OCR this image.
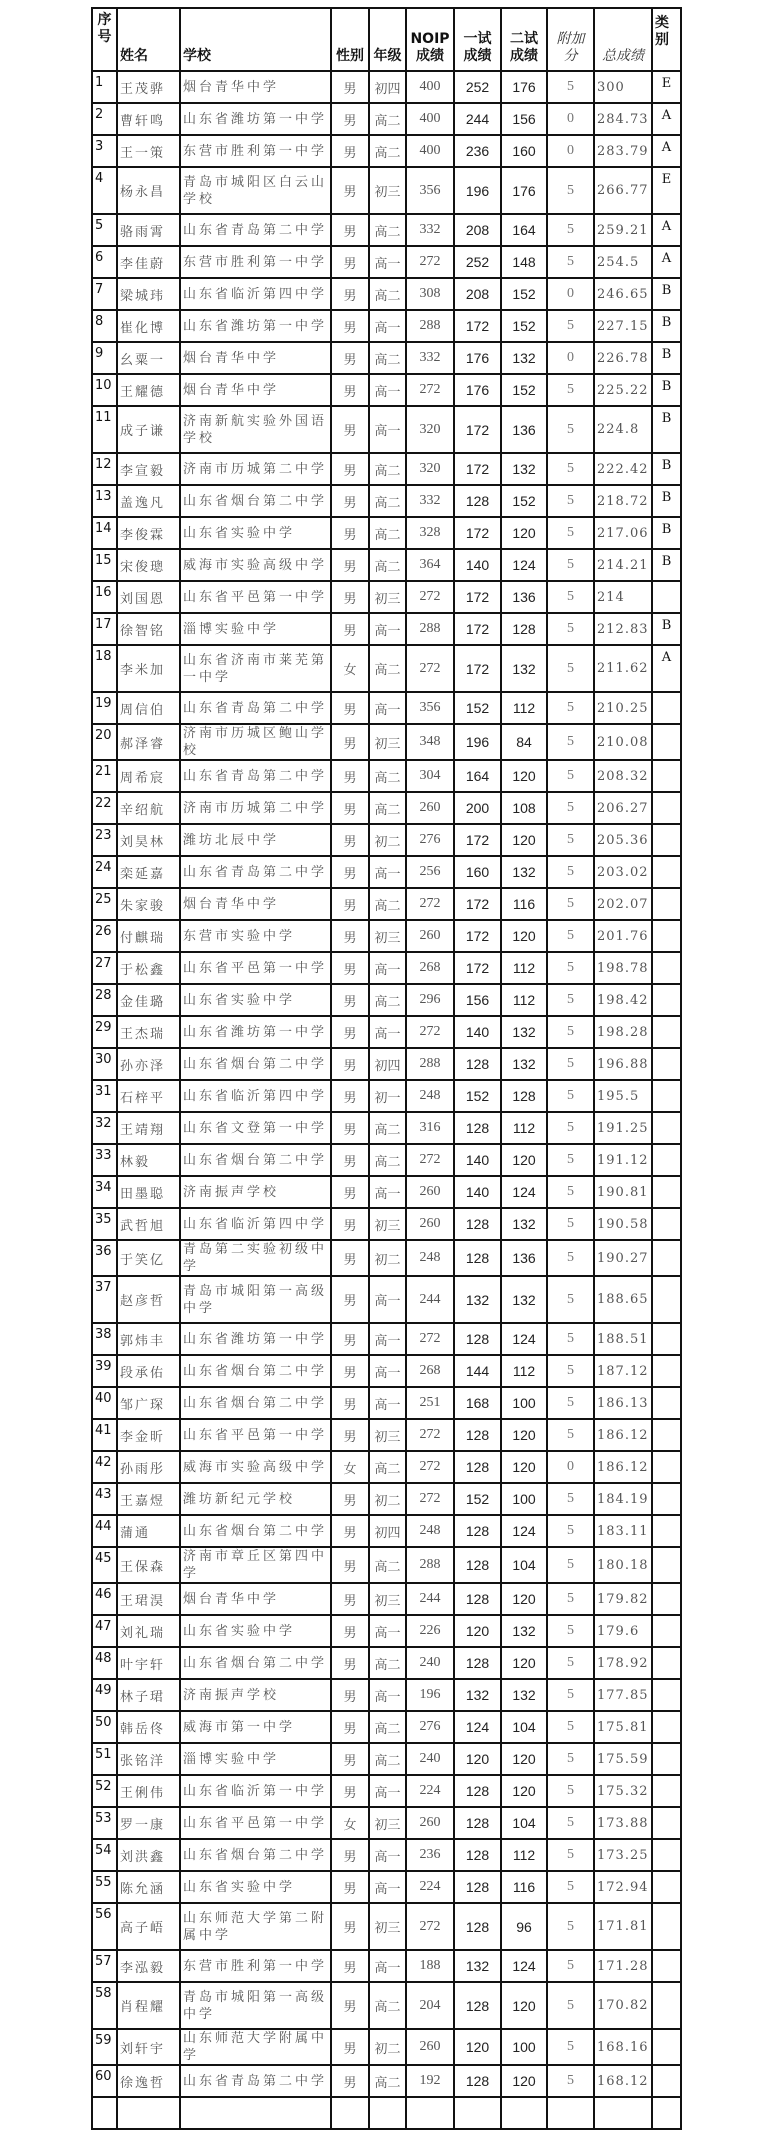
序号	姓名	学校	性别	年级	NOIP成绩	一试成绩	二试成绩	附加分	总成绩	类别
1	王茂骅	烟台青华中学	男	初四	400	252	176	5	300	E
2	曹轩鸣	山东省潍坊第一中学	男	高二	400	244	156	0	284.73	A
3	王一策	东营市胜利第一中学	男	高二	400	236	160	0	283.79	A
4	杨永昌	青岛市城阳区白云山学校	男	初三	356	196	176	5	266.77	E
5	骆雨霄	山东省青岛第二中学	男	高二	332	208	164	5	259.21	A
6	李佳蔚	东营市胜利第一中学	男	高一	272	252	148	5	254.5	A
7	梁城玮	山东省临沂第四中学	男	高二	308	208	152	0	246.65	B
8	崔化博	山东省潍坊第一中学	男	高一	288	172	152	5	227.15	B
9	幺粟一	烟台青华中学	男	高二	332	176	132	0	226.78	B
10	王耀德	烟台青华中学	男	高一	272	176	152	5	225.22	B
11	成子谦	济南新航实验外国语学校	男	高一	320	172	136	5	224.8	B
12	李宣毅	济南市历城第二中学	男	高二	320	172	132	5	222.42	B
13	盖逸凡	山东省烟台第二中学	男	高二	332	128	152	5	218.72	B
14	李俊霖	山东省实验中学	男	高二	328	172	120	5	217.06	B
15	宋俊璁	威海市实验高级中学	男	高二	364	140	124	5	214.21	B
16	刘国恩	山东省平邑第一中学	男	初三	272	172	136	5	214	
17	徐智铭	淄博实验中学	男	高一	288	172	128	5	212.83	B
18	李米加	山东省济南市莱芜第一中学	女	高二	272	172	132	5	211.62	A
19	周信伯	山东省青岛第二中学	男	高一	356	152	112	5	210.25	
20	郝泽睿	济南市历城区鲍山学校	男	初三	348	196	84	5	210.08	
21	周希宸	山东省青岛第二中学	男	高二	304	164	120	5	208.32	
22	辛绍航	济南市历城第二中学	男	高二	260	200	108	5	206.27	
23	刘昊林	潍坊北辰中学	男	初二	276	172	120	5	205.36	
24	栾延嘉	山东省青岛第二中学	男	高一	256	160	132	5	203.02	
25	朱家骏	烟台青华中学	男	高二	272	172	116	5	202.07	
26	付麒瑞	东营市实验中学	男	初三	260	172	120	5	201.76	
27	于松鑫	山东省平邑第一中学	男	高一	268	172	112	5	198.78	
28	金佳璐	山东省实验中学	男	高二	296	156	112	5	198.42	
29	王杰瑞	山东省潍坊第一中学	男	高一	272	140	132	5	198.28	
30	孙亦泽	山东省烟台第二中学	男	初四	288	128	132	5	196.88	
31	石梓平	山东省临沂第四中学	男	初一	248	152	128	5	195.5	
32	王靖翔	山东省文登第一中学	男	高二	316	128	112	5	191.25	
33	林毅	山东省烟台第二中学	男	高二	272	140	120	5	191.12	
34	田墨聪	济南振声学校	男	高一	260	140	124	5	190.81	
35	武哲旭	山东省临沂第四中学	男	初三	260	128	132	5	190.58	
36	于笑亿	青岛第二实验初级中学	男	初二	248	128	136	5	190.27	
37	赵彦哲	青岛市城阳第一高级中学	男	高一	244	132	132	5	188.65	
38	郭炜丰	山东省潍坊第一中学	男	高一	272	128	124	5	188.51	
39	段承佑	山东省烟台第二中学	男	高一	268	144	112	5	187.12	
40	邹广琛	山东省烟台第二中学	男	高一	251	168	100	5	186.13	
41	李金昕	山东省平邑第一中学	男	初三	272	128	120	5	186.12	
42	孙雨彤	威海市实验高级中学	女	高二	272	128	120	0	186.12	
43	王嘉煜	潍坊新纪元学校	男	初二	272	152	100	5	184.19	
44	蒲通	山东省烟台第二中学	男	初四	248	128	124	5	183.11	
45	王保森	济南市章丘区第四中学	男	高二	288	128	104	5	180.18	
46	王珺淏	烟台青华中学	男	初三	244	128	120	5	179.82	
47	刘礼瑞	山东省实验中学	男	高一	226	120	132	5	179.6	
48	叶宇轩	山东省烟台第二中学	男	高二	240	128	120	5	178.92	
49	林子珺	济南振声学校	男	高一	196	132	132	5	177.85	
50	韩岳佟	威海市第一中学	男	高二	276	124	104	5	175.81	
51	张铭洋	淄博实验中学	男	高二	240	120	120	5	175.59	
52	王俐伟	山东省临沂第一中学	男	高一	224	128	120	5	175.32	
53	罗一康	山东省平邑第一中学	女	初三	260	128	104	5	173.88	
54	刘洪鑫	山东省烟台第二中学	男	高一	236	128	112	5	173.25	
55	陈允涵	山东省实验中学	男	高一	224	128	116	5	172.94	
56	高子峿	山东师范大学第二附属中学	男	初三	272	128	96	5	171.81	
57	李泓毅	东营市胜利第一中学	男	高一	188	132	124	5	171.28	
58	肖程耀	青岛市城阳第一高级中学	男	高二	204	128	120	5	170.82	
59	刘轩宇	山东师范大学附属中学	男	初二	260	120	100	5	168.16	
60	徐逸哲	山东省青岛第二中学	男	高二	192	128	120	5	168.12	
